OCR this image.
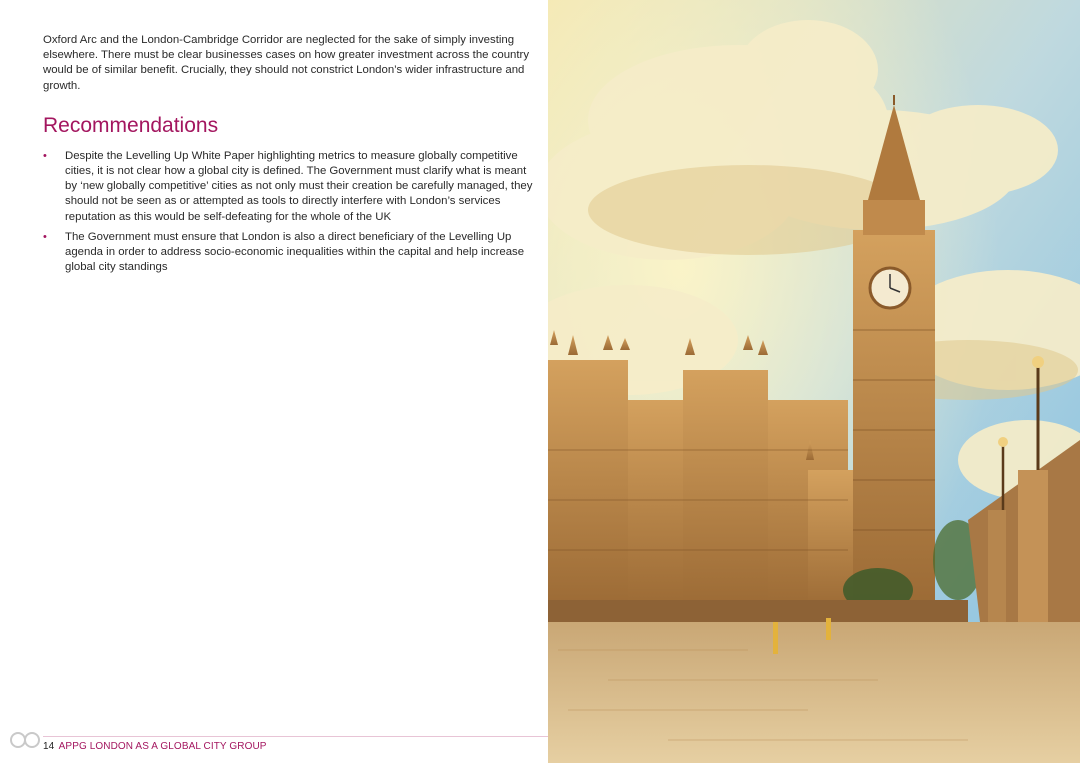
Oxford Arc and the London-Cambridge Corridor are neglected for the sake of simply investing elsewhere. There must be clear businesses cases on how greater investment across the country would be of similar benefit. Crucially, they should not constrict London’s wider infrastructure and growth.

Recommendations
• Despite the Levelling Up White Paper highlighting metrics to measure globally competitive cities, it is not clear how a global city is defined. The Government must clarify what is meant by ‘new globally competitive’ cities as not only must their creation be carefully managed, they should not be seen as or attempted as tools to directly interfere with London’s services reputation as this would be self-defeating for the whole of the UK
• The Government must ensure that London is also a direct beneficiary of the Levelling Up agenda in order to address socio-economic inequalities within the capital and help increase global city standings
14 APPG LONDON AS A GLOBAL CITY GROUP
